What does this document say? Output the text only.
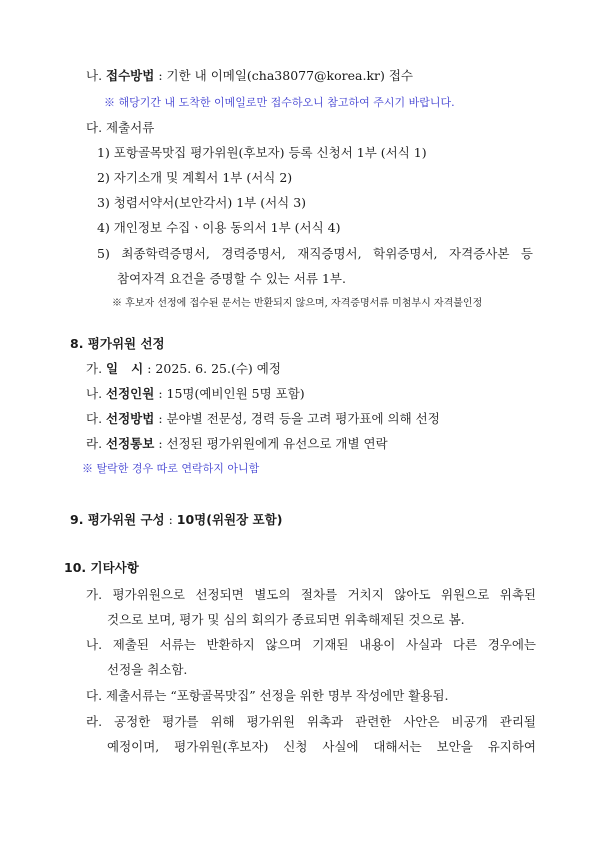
나. 접수방법 : 기한 내 이메일(cha38077@korea.kr) 접수
※ 해당기간 내 도착한 이메일로만 접수하오니 참고하여 주시기 바랍니다.
다. 제출서류
1) 포항골목맛집 평가위원(후보자) 등록 신청서 1부 (서식 1)
2) 자기소개 및 계획서 1부 (서식 2)
3) 청렴서약서(보안각서) 1부 (서식 3)
4) 개인정보 수집ㆍ이용 동의서 1부 (서식 4)
5) 최종학력증명서, 경력증명서, 재직증명서, 학위증명서, 자격증사본 등
참여자격 요건을 증명할 수 있는 서류 1부.
※ 후보자 선정에 접수된 문서는 반환되지 않으며, 자격증명서류 미첨부시 자격불인정
8. 평가위원 선정
가. 일   시 : 2025. 6. 25.(수) 예정
나. 선정인원 : 15명(예비인원 5명 포함)
다. 선정방법 : 분야별 전문성, 경력 등을 고려 평가표에 의해 선정
라. 선정통보 : 선정된 평가위원에게 유선으로 개별 연락
※ 탈락한 경우 따로 연락하지 아니함
9. 평가위원 구성 : 10명(위원장 포함)
10. 기타사항
가. 평가위원으로 선정되면 별도의 절차를 거치지 않아도 위원으로 위촉된
것으로 보며, 평가 및 심의 회의가 종료되면 위촉해제된 것으로 봄.
나. 제출된 서류는 반환하지 않으며 기재된 내용이 사실과 다른 경우에는
선정을 취소함.
다. 제출서류는 “포항골목맛집” 선정을 위한 명부 작성에만 활용됨.
라. 공정한 평가를 위해 평가위원 위촉과 관련한 사안은 비공개 관리될
예정이며, 평가위원(후보자) 신청 사실에 대해서는 보안을 유지하여
